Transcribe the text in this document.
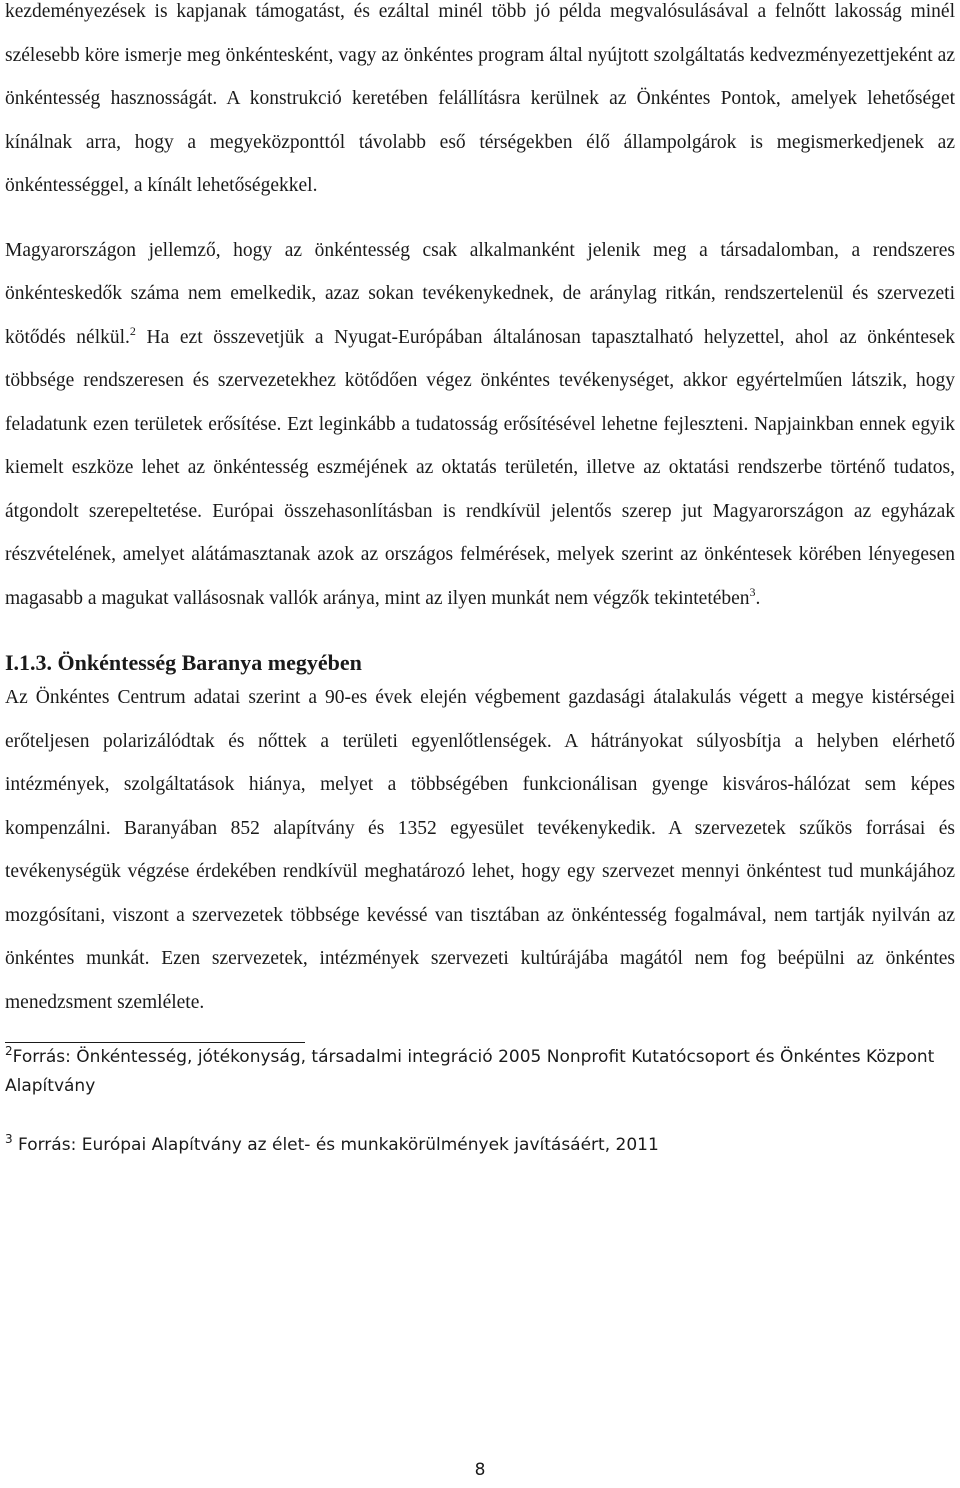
kezdeményezések is kapjanak támogatást, és ezáltal minél több jó példa megvalósulásával a felnőtt lakosság minél szélesebb köre ismerje meg önkéntesként, vagy az önkéntes program által nyújtott szolgáltatás kedvezményezettjeként az önkéntesség hasznosságát. A konstrukció keretében felállításra kerülnek az Önkéntes Pontok, amelyek lehetőséget kínálnak arra, hogy a megyeközponttól távolabb eső térségekben élő állampolgárok is megismerkedjenek az önkéntességgel, a kínált lehetőségekkel.

Magyarországon jellemző, hogy az önkéntesség csak alkalmanként jelenik meg a társadalomban, a rendszeres önkénteskedők száma nem emelkedik, azaz sokan tevékenykednek, de aránylag ritkán, rendszertelenül és szervezeti kötődés nélkül.$^2$ Ha ezt összevetjük a Nyugat-Európában általánosan tapasztalható helyzettel, ahol az önkéntesek többsége rendszeresen és szervezetekhez kötődően végez önkéntes tevékenységet, akkor egyértelműen látszik, hogy feladatunk ezen területek erősítése. Ezt leginkább a tudatosság erősítésével lehetne fejleszteni. Napjainkban ennek egyik kiemelt eszköze lehet az önkéntesség eszméjének az oktatás területén, illetve az oktatási rendszerbe történő tudatos, átgondolt szerepeltetése. Európai összehasonlításban is rendkívül jelentős szerep jut Magyarországon az egyházak részvételének, amelyet alátámasztanak azok az országos felmérések, melyek szerint az önkéntesek körében lényegesen magasabb a magukat vallásosnak vallók aránya, mint az ilyen munkát nem végzők tekintetében$^3$.

I.1.3. Önkéntesség Baranya megyében

Az Önkéntes Centrum adatai szerint a 90-es évek elején végbement gazdasági átalakulás végett a megye kistérségei erőteljesen polarizálódtak és nőttek a területi egyenlőtlenségek. A hátrányokat súlyosbítja a helyben elérhető intézmények, szolgáltatások hiánya, melyet a többségében funkcionálisan gyenge kisváros-hálózat sem képes kompenzálni. Baranyában 852 alapítvány és 1352 egyesület tevékenykedik. A szervezetek szűkös forrásai és tevékenységük végzése érdekében rendkívül meghatározó lehet, hogy egy szervezet mennyi önkéntest tud munkájához mozgósítani, viszont a szervezetek többsége kevéssé van tisztában az önkéntesség fogalmával, nem tartják nyilván az önkéntes munkát. Ezen szervezetek, intézmények szervezeti kultúrájába magától nem fog beépülni az önkéntes menedzsment szemlélete.

$^2$Forrás: Önkéntesség, jótékonyság, társadalmi integráció 2005 Nonprofit Kutatócsoport és Önkéntes Központ Alapítvány

$^3$ Forrás: Európai Alapítvány az élet- és munkakörülmények javításáért, 2011

8
